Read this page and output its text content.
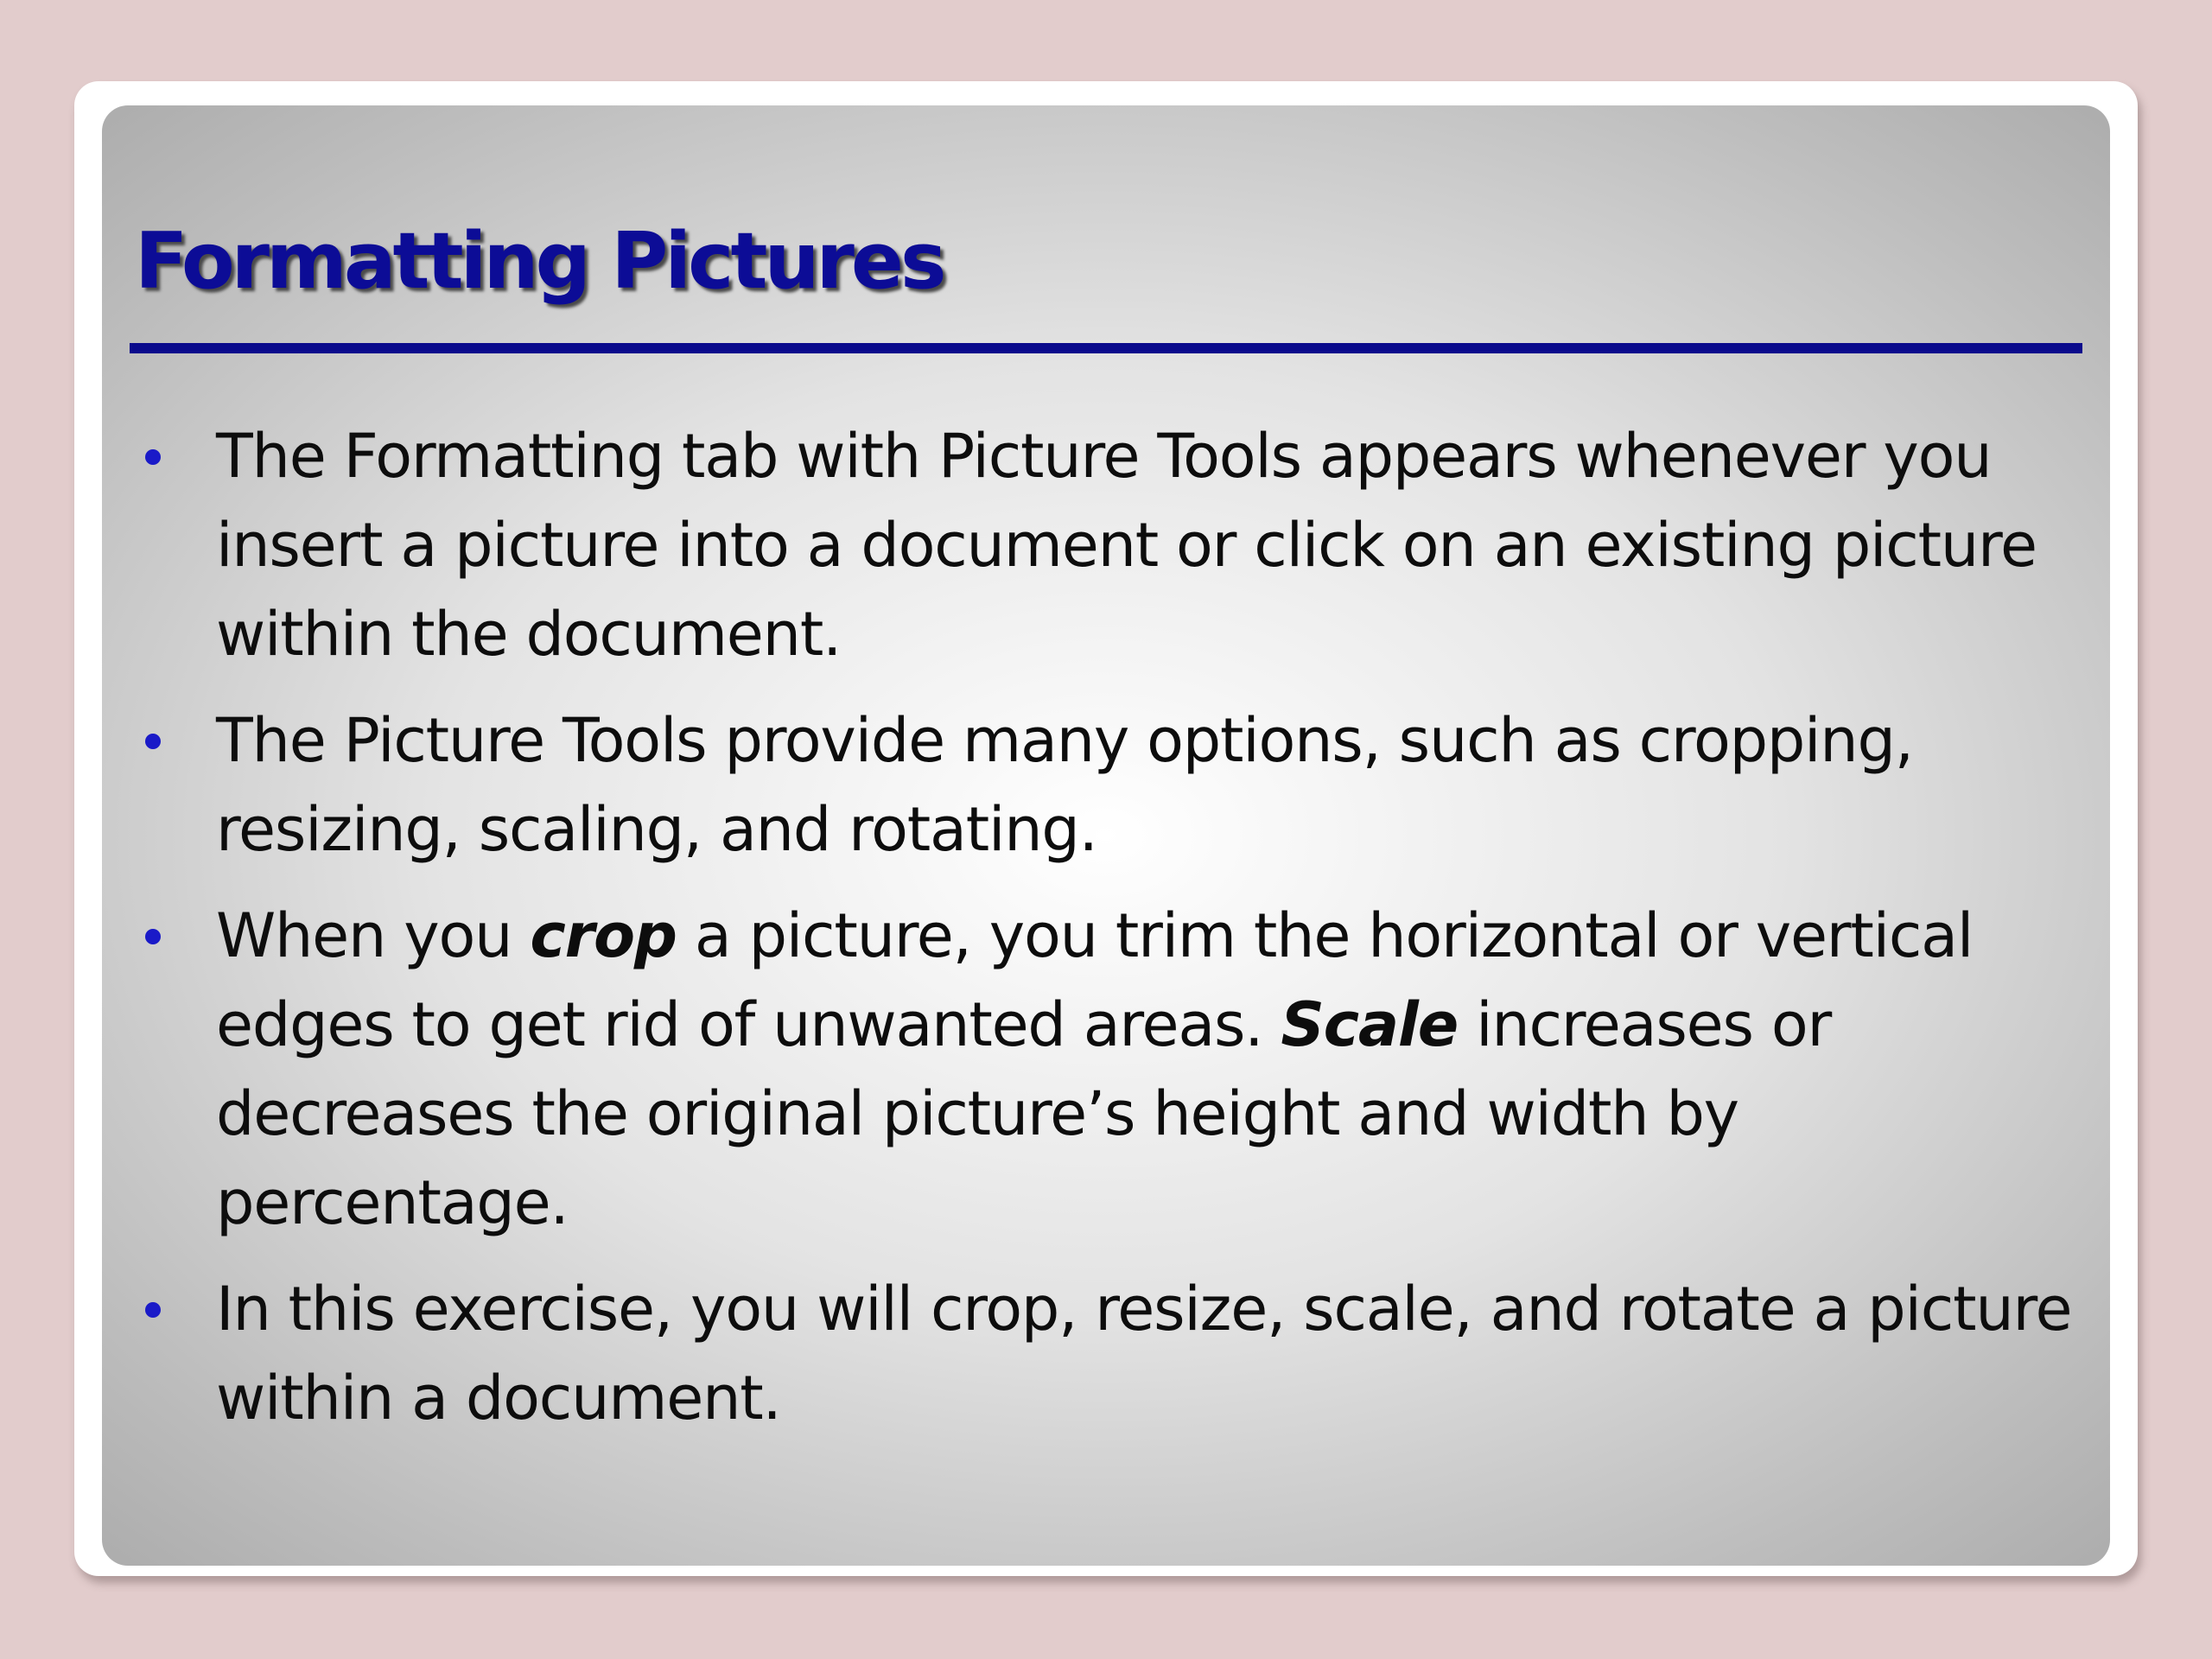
Formatting Pictures
The Formatting tab with Picture Tools appears whenever you insert a picture into a document or click on an existing picture within the document.
The Picture Tools provide many options, such as cropping, resizing, scaling, and rotating.
When you crop a picture, you trim the horizontal or vertical edges to get rid of unwanted areas. Scale increases or decreases the original picture’s height and width by percentage.
In this exercise, you will crop, resize, scale, and rotate a picture within a document.
